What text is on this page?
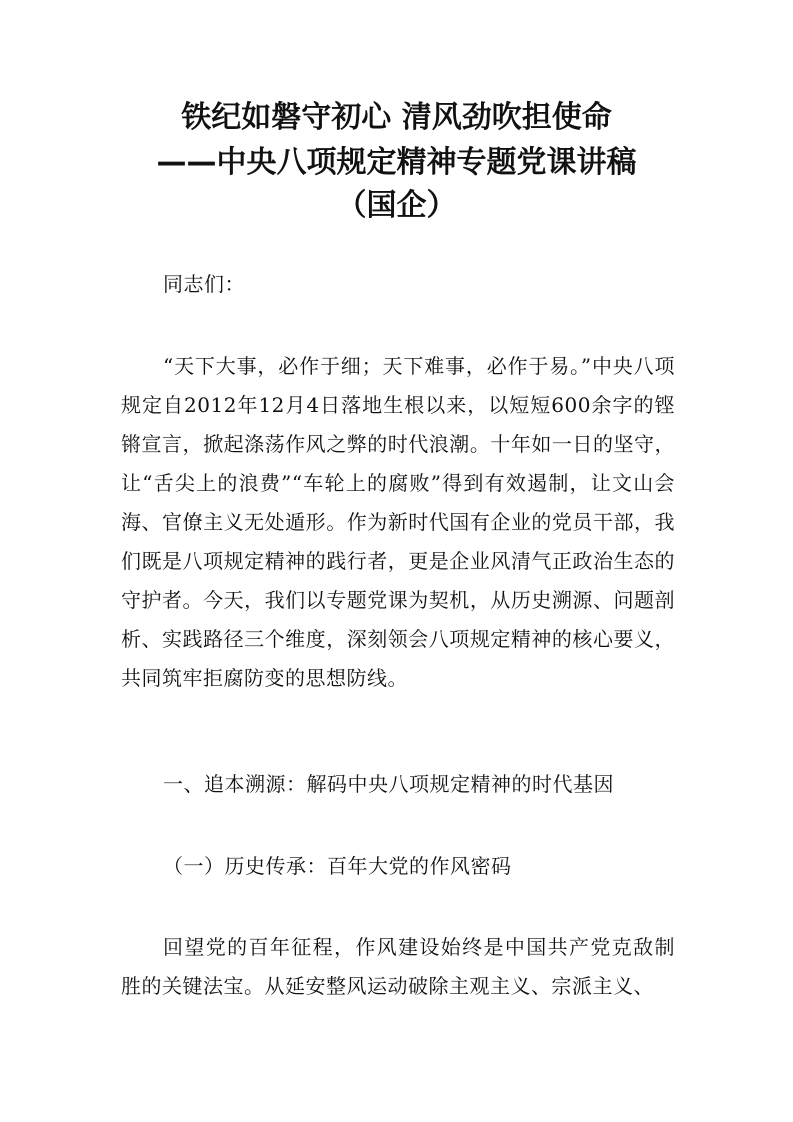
铁纪如磐守初心 清风劲吹担使命
——中央八项规定精神专题党课讲稿
（国企）
同志们：
“天下大事，必作于细；天下难事，必作于易。”中央八项规定自2012年12月4日落地生根以来，以短短600余字的铿锵宣言，掀起涤荡作风之弊的时代浪潮。十年如一日的坚守，让“舌尖上的浪费”“车轮上的腐败”得到有效遏制，让文山会海、官僚主义无处遁形。作为新时代国有企业的党员干部，我们既是八项规定精神的践行者，更是企业风清气正政治生态的守护者。今天，我们以专题党课为契机，从历史溯源、问题剖析、实践路径三个维度，深刻领会八项规定精神的核心要义，共同筑牢拒腐防变的思想防线。
一、追本溯源：解码中央八项规定精神的时代基因
（一）历史传承：百年大党的作风密码
回望党的百年征程，作风建设始终是中国共产党克敌制胜的关键法宝。从延安整风运动破除主观主义、宗派主义、
